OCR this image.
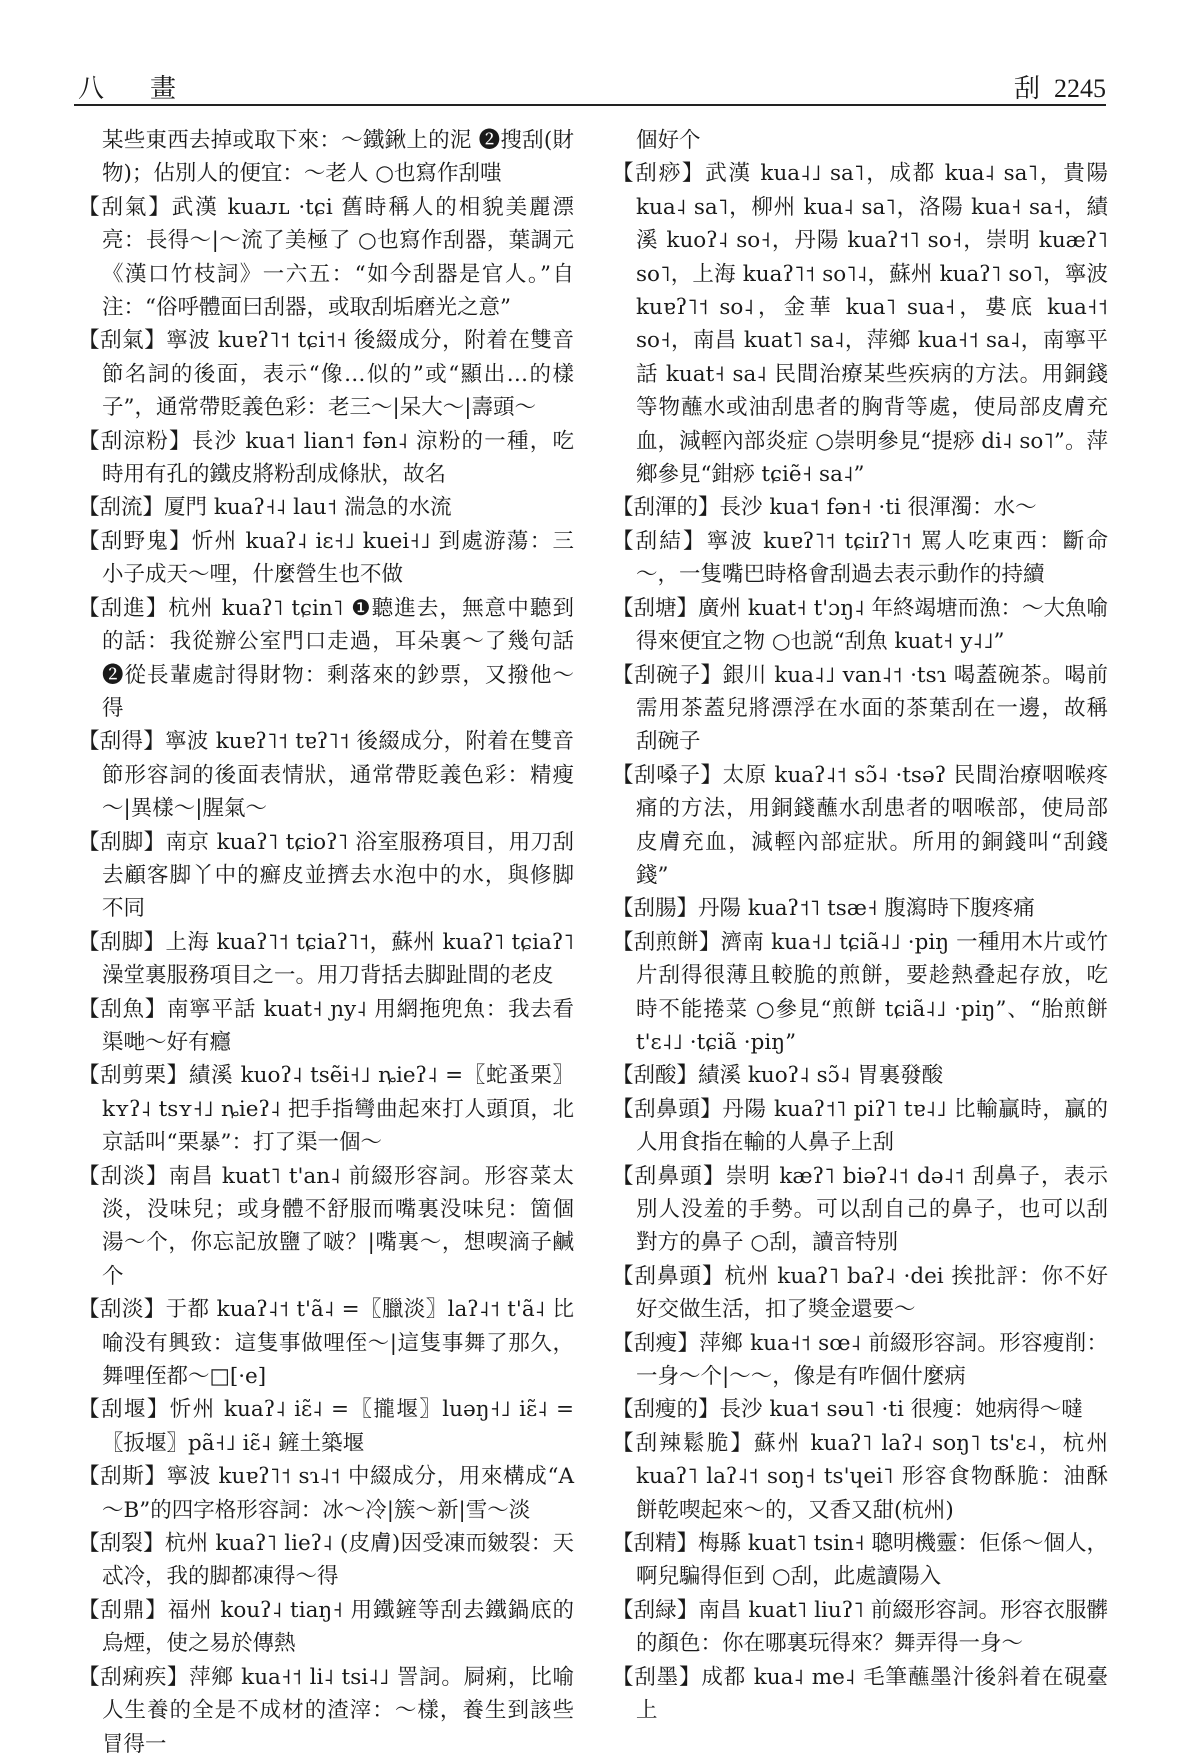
八　畫	刮 2245
某些東西去掉或取下來：～鐵鍬上的泥 ❷搜刮(財物)；佔別人的便宜：～老人 ○也寫作刮嗤
【刮氣】武漢 kuaᴊʟ ·tɕi 舊時稱人的相貌美麗漂亮：長得～|～流了美極了 ○也寫作刮器，葉調元《漢口竹枝詞》一六五：“如今刮器是官人。”自注：“俗呼體面曰刮器，或取刮垢磨光之意”
【刮氣】寧波 kuɐʔ˥˦ tɕi˦˧ 後綴成分，附着在雙音節名詞的後面，表示“像…似的”或“顯出…的樣子”，通常帶貶義色彩：老三～|呆大～|壽頭～
【刮涼粉】長沙 kua˦ lian˦ fən˨ 涼粉的一種，吃時用有孔的鐵皮將粉刮成條狀，故名
【刮流】厦門 kuaʔ˧˨ lau˦ 湍急的水流
【刮野鬼】忻州 kuaʔ˨ iɛ˧˩ kuei˧˩ 到處游蕩：三小子成天～哩，什麼營生也不做
【刮進】杭州 kuaʔ˥ tɕin˥ ❶聽進去，無意中聽到的話：我從辦公室門口走過，耳朵裏～了幾句話 ❷從長輩處討得財物：剩落來的鈔票，又撥他～得
【刮得】寧波 kuɐʔ˥˦ tɐʔ˥˦ 後綴成分，附着在雙音節形容詞的後面表情狀，通常帶貶義色彩：精瘦～|異樣～|腥氣～
【刮脚】南京 kuaʔ˥ tɕioʔ˥ 浴室服務項目，用刀刮去顧客脚丫中的癬皮並擠去水泡中的水，與修脚不同
【刮脚】上海 kuaʔ˥˦ tɕiaʔ˥˦，蘇州 kuaʔ˥ tɕiaʔ˥ 澡堂裏服務項目之一。用刀背括去脚趾間的老皮
【刮魚】南寧平話 kuat˧ ɲy˨ 用網拖兜魚：我去看渠哋～好有癮
【刮剪栗】績溪 kuoʔ˨ tsẽi˧˩ ȵieʔ˨ =〖蛇蚤栗〗kʏʔ˨ tsʏ˧˩ ȵieʔ˨ 把手指彎曲起來打人頭頂，北京話叫“栗暴”：打了渠一個～
【刮淡】南昌 kuat˥ t'an˨ 前綴形容詞。形容菜太淡，没味兒；或身體不舒服而嘴裏没味兒：箇個湯～个，你忘記放鹽了啵？|嘴裏～，想喫滴子鹹个
【刮淡】于都 kuaʔ˨˦ t'ã˨ =〖臘淡〗laʔ˨˦ t'ã˨ 比喻没有興致：這隻事做哩侄～|這隻事舞了那久，舞哩侄都～□[·e]
【刮堰】忻州 kuaʔ˨ iɛ̃˨ =〖攏堰〗luəŋ˧˩ iɛ̃˨ =〖扳堰〗pã˧˩ iɛ̃˨ 鏟土築堰
【刮斯】寧波 kuɐʔ˥˦ sɿ˨˦ 中綴成分，用來構成“A～B”的四字格形容詞：冰～冷|簇～新|雪～淡
【刮裂】杭州 kuaʔ˥ lieʔ˨ (皮膚)因受凍而皴裂：天忒冷，我的脚都凍得～得
【刮鼎】福州 kouʔ˨ tiaŋ˧ 用鐵鏟等刮去鐵鍋底的烏煙，使之易於傳熱
【刮痢疾】萍鄉 kua˧˦ li˨ tsi˨˩ 詈詞。屙痢，比喻人生養的全是不成材的渣滓：～樣，養生到該些冒得一
個好个
【刮痧】武漢 kua˨˩ sa˥，成都 kua˨ sa˥，貴陽 kua˨ sa˥，柳州 kua˨ sa˥，洛陽 kua˧ sa˧，績溪 kuoʔ˨ so˧，丹陽 kuaʔ˦˥ so˧，崇明 kuæʔ˥ so˥，上海 kuaʔ˥˦ so˥˨，蘇州 kuaʔ˥ so˥，寧波 kuɐʔ˥˦ so˨，金華 kua˥ sua˧，婁底 kua˧˦ so˧，南昌 kuat˥ sa˨，萍鄉 kua˧˦ sa˨，南寧平話 kuat˧ sa˨ 民間治療某些疾病的方法。用銅錢等物蘸水或油刮患者的胸背等處，使局部皮膚充血，減輕內部炎症 ○崇明參見“提痧 di˨ so˥”。萍鄉參見“鉗痧 tɕiẽ˧ sa˨”
【刮渾的】長沙 kua˦ fən˧ ·ti 很渾濁：水～
【刮結】寧波 kuɐʔ˥˦ tɕiɪʔ˥˦ 罵人吃東西：斷命～，一隻嘴巴時格會刮過去表示動作的持續
【刮塘】廣州 kuat˧ t'ɔŋ˨ 年終竭塘而漁：～大魚喻得來便宜之物 ○也説“刮魚 kuat˧ y˨˩”
【刮碗子】銀川 kua˨˩ van˨˦ ·tsɿ 喝蓋碗茶。喝前需用茶蓋兒將漂浮在水面的茶葉刮在一邊，故稱刮碗子
【刮嗓子】太原 kuaʔ˨˦ sɔ̃˨ ·tsəʔ 民間治療咽喉疼痛的方法，用銅錢蘸水刮患者的咽喉部，使局部皮膚充血，減輕內部症狀。所用的銅錢叫“刮錢錢”
【刮腸】丹陽 kuaʔ˦˥ tsæ˧ 腹瀉時下腹疼痛
【刮煎餅】濟南 kua˧˩ tɕiã˨˩ ·piŋ 一種用木片或竹片刮得很薄且較脆的煎餅，要趁熱叠起存放，吃時不能捲菜 ○參見“煎餅 tɕiã˨˩ ·piŋ”、“胎煎餅 t'ɛ˨˩ ·tɕiã ·piŋ”
【刮酸】績溪 kuoʔ˨ sɔ̃˨ 胃裏發酸
【刮鼻頭】丹陽 kuaʔ˦˥ piʔ˥ tɐ˨˩ 比輸贏時，贏的人用食指在輸的人鼻子上刮
【刮鼻頭】崇明 kæʔ˥ biəʔ˨˦ də˨˦ 刮鼻子，表示別人没羞的手勢。可以刮自己的鼻子，也可以刮對方的鼻子 ○刮，讀音特別
【刮鼻頭】杭州 kuaʔ˥ baʔ˨ ·dei 挨批評：你不好好交做生活，扣了獎金還要～
【刮瘦】萍鄉 kua˧˦ sœ˨ 前綴形容詞。形容瘦削：一身～个|～～，像是有咋個什麼病
【刮瘦的】長沙 kua˦ səu˥ ·ti 很瘦：她病得～噠
【刮辣鬆脆】蘇州 kuaʔ˥ laʔ˨ soŋ˥ ts'ɛ˨，杭州 kuaʔ˥ laʔ˨˦ soŋ˧ ts'ɥei˥ 形容食物酥脆：油酥餅乾喫起來～的，又香又甜(杭州)
【刮精】梅縣 kuat˥ tsin˧ 聰明機靈：佢係～個人，啊兒騙得佢到 ○刮，此處讀陽入
【刮緑】南昌 kuat˥ liuʔ˥ 前綴形容詞。形容衣服髒的顏色：你在哪裏玩得來？舞弄得一身～
【刮墨】成都 kua˨ me˨ 毛筆蘸墨汁後斜着在硯臺上
